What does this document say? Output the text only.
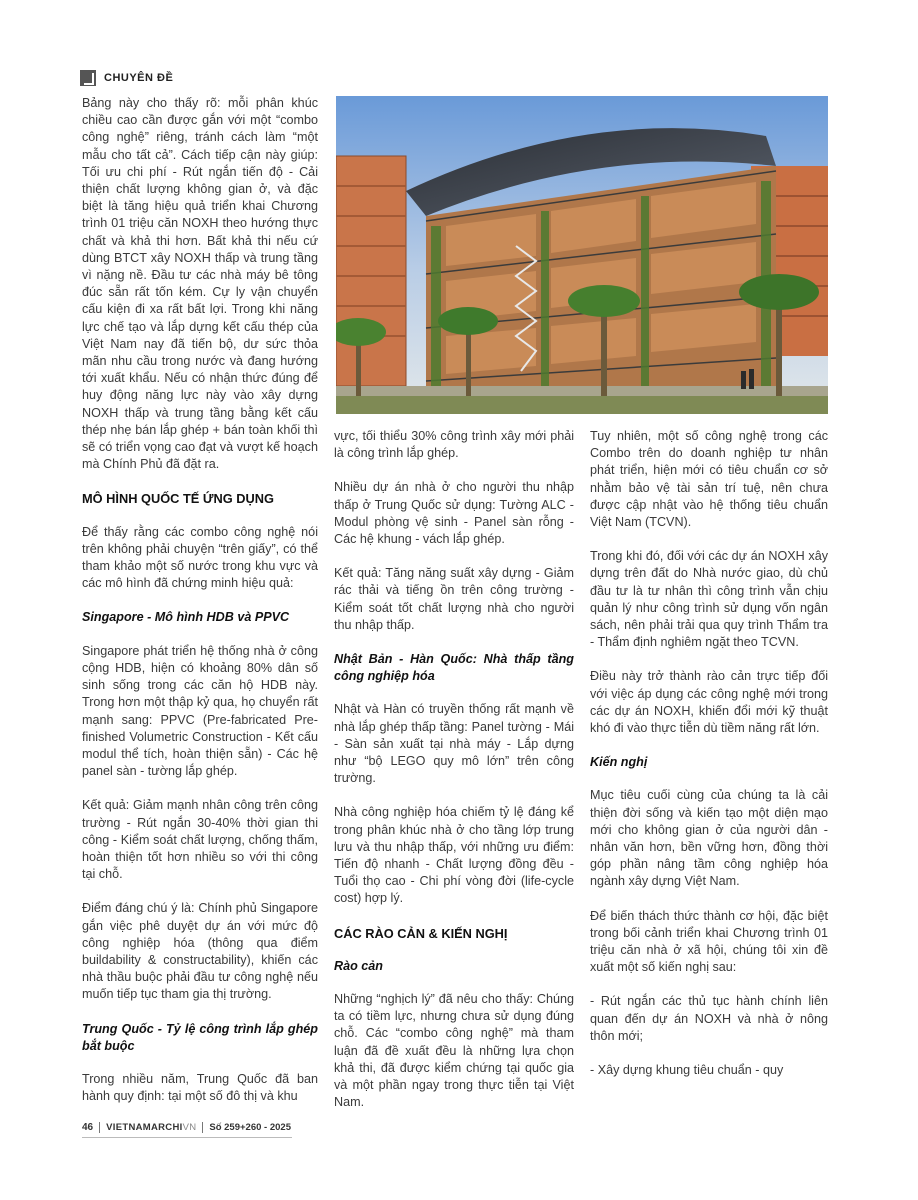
CHUYÊN ĐỀ

Bảng này cho thấy rõ: mỗi phân khúc chiều cao cần được gắn với một “combo công nghệ” riêng, tránh cách làm “một mẫu cho tất cả”. Cách tiếp cận này giúp: Tối ưu chi phí - Rút ngắn tiến độ - Cải thiện chất lượng không gian ở, và đặc biệt là tăng hiệu quả triển khai Chương trình 01 triệu căn NOXH theo hướng thực chất và khả thi hơn. Bất khả thi nếu cứ dùng BTCT xây NOXH thấp và trung tầng vì nặng nề. Đầu tư các nhà máy bê tông đúc sẵn rất tốn kém. Cự ly vận chuyển cấu kiện đi xa rất bất lợi. Trong khi năng lực chế tạo và lắp dựng kết cấu thép của Việt Nam nay đã tiến bộ, dư sức thỏa mãn nhu cầu trong nước và đang hướng tới xuất khẩu. Nếu có nhận thức đúng để huy động năng lực này vào xây dựng NOXH thấp và trung tầng bằng kết cấu thép nhẹ bán lắp ghép + bán toàn khối thì sẽ có triển vọng cao đạt và vượt kế hoạch mà Chính Phủ đã đặt ra.

MÔ HÌNH QUỐC TẾ ỨNG DỤNG

Để thấy rằng các combo công nghệ nói trên không phải chuyện “trên giấy”, có thể tham khảo một số nước trong khu vực và các mô hình đã chứng minh hiệu quả:

Singapore - Mô hình HDB và PPVC

Singapore phát triển hệ thống nhà ở công cộng HDB, hiện có khoảng 80% dân số sinh sống trong các căn hộ HDB này. Trong hơn một thập kỷ qua, họ chuyển rất mạnh sang: PPVC (Pre-fabricated Pre-finished Volumetric Construction - Kết cấu modul thể tích, hoàn thiện sẵn) - Các hệ panel sàn - tường lắp ghép.

Kết quả: Giảm mạnh nhân công trên công trường - Rút ngắn 30-40% thời gian thi công - Kiểm soát chất lượng, chống thấm, hoàn thiện tốt hơn nhiều so với thi công tại chỗ.

Điểm đáng chú ý là: Chính phủ Singapore gắn việc phê duyệt dự án với mức độ công nghiệp hóa (thông qua điểm buildability & constructability), khiến các nhà thầu buộc phải đầu tư công nghệ nếu muốn tiếp tục tham gia thị trường.

Trung Quốc - Tỷ lệ công trình lắp ghép bắt buộc

Trong nhiều năm, Trung Quốc đã ban hành quy định: tại một số đô thị và khu

vực, tối thiểu 30% công trình xây mới phải là công trình lắp ghép.

Nhiều dự án nhà ở cho người thu nhập thấp ở Trung Quốc sử dụng: Tường ALC - Modul phòng vệ sinh - Panel sàn rỗng - Các hệ khung - vách lắp ghép.

Kết quả: Tăng năng suất xây dựng - Giảm rác thải và tiếng ồn trên công trường - Kiểm soát tốt chất lượng nhà cho người thu nhập thấp.

Nhật Bản - Hàn Quốc: Nhà thấp tầng công nghiệp hóa

Nhật và Hàn có truyền thống rất mạnh về nhà lắp ghép thấp tầng: Panel tường - Mái - Sàn sản xuất tại nhà máy - Lắp dựng như “bộ LEGO quy mô lớn” trên công trường.

Nhà công nghiệp hóa chiếm tỷ lệ đáng kể trong phân khúc nhà ở cho tầng lớp trung lưu và thu nhập thấp, với những ưu điểm: Tiến độ nhanh - Chất lượng đồng đều - Tuổi thọ cao - Chi phí vòng đời (life-cycle cost) hợp lý.

CÁC RÀO CẢN & KIẾN NGHỊ
Rào cản

Những “nghịch lý” đã nêu cho thấy: Chúng ta có tiềm lực, nhưng chưa sử dụng đúng chỗ. Các “combo công nghệ” mà tham luận đã đề xuất đều là những lựa chọn khả thi, đã được kiểm chứng tại quốc gia và một phần ngay trong thực tiễn tại Việt Nam.

Tuy nhiên, một số công nghệ trong các Combo trên do doanh nghiệp tư nhân phát triển, hiện mới có tiêu chuẩn cơ sở nhằm bảo vệ tài sản trí tuệ, nên chưa được cập nhật vào hệ thống tiêu chuẩn Việt Nam (TCVN).

Trong khi đó, đối với các dự án NOXH xây dựng trên đất do Nhà nước giao, dù chủ đầu tư là tư nhân thì công trình vẫn chịu quản lý như công trình sử dụng vốn ngân sách, nên phải trải qua quy trình Thẩm tra - Thẩm định nghiêm ngặt theo TCVN.

Điều này trở thành rào cản trực tiếp đối với việc áp dụng các công nghệ mới trong các dự án NOXH, khiến đổi mới kỹ thuật khó đi vào thực tiễn dù tiềm năng rất lớn.

Kiến nghị

Mục tiêu cuối cùng của chúng ta là cải thiện đời sống và kiến tạo một diện mạo mới cho không gian ở của người dân - nhân văn hơn, bền vững hơn, đồng thời góp phần nâng tầm công nghiệp hóa ngành xây dựng Việt Nam.

Để biến thách thức thành cơ hội, đặc biệt trong bối cảnh triển khai Chương trình 01 triệu căn nhà ở xã hội, chúng tôi xin đề xuất một số kiến nghị sau:

- Rút ngắn các thủ tục hành chính liên quan đến dự án NOXH và nhà ở nông thôn mới;

- Xây dựng khung tiêu chuẩn - quy

46 VIETNAMARCHIVN Số 259+260 - 2025
